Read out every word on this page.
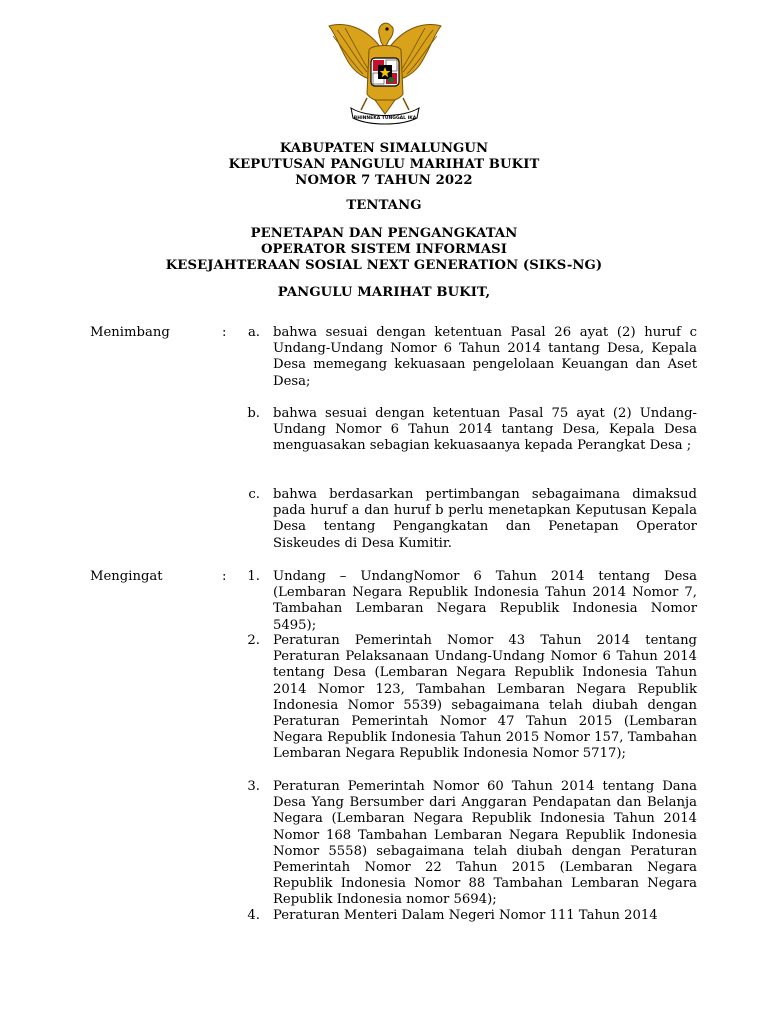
BHINNEKA TUNGGAL IKA
KABUPATEN SIMALUNGUN
KEPUTUSAN PANGULU MARIHAT BUKIT
NOMOR 7 TAHUN 2022
TENTANG
PENETAPAN DAN PENGANGKATAN
OPERATOR SISTEM INFORMASI
KESEJAHTERAAN SOSIAL NEXT GENERATION (SIKS-NG)
PANGULU MARIHAT BUKIT,
Menimbang	:	a. bahwa sesuai dengan ketentuan Pasal 26 ayat (2) huruf c Undang-Undang Nomor 6 Tahun 2014 tantang Desa, Kepala Desa memegang kekuasaan pengelolaan Keuangan dan Aset Desa;
b. bahwa sesuai dengan ketentuan Pasal 75 ayat (2) Undang-Undang Nomor 6 Tahun 2014 tantang Desa, Kepala Desa menguasakan sebagian kekuasaanya kepada Perangkat Desa ;
c. bahwa berdasarkan pertimbangan sebagaimana dimaksud pada huruf a dan huruf b perlu menetapkan Keputusan Kepala Desa tentang Pengangkatan dan Penetapan Operator Siskeudes di Desa Kumitir.
Mengingat	:	1. Undang – UndangNomor 6 Tahun 2014 tentang Desa (Lembaran Negara Republik Indonesia Tahun 2014 Nomor 7, Tambahan Lembaran Negara Republik Indonesia Nomor 5495);
2. Peraturan Pemerintah Nomor 43 Tahun 2014 tentang Peraturan Pelaksanaan Undang-Undang Nomor 6 Tahun 2014 tentang Desa (Lembaran Negara Republik Indonesia Tahun 2014 Nomor 123, Tambahan Lembaran Negara Republik Indonesia Nomor 5539) sebagaimana telah diubah dengan Peraturan Pemerintah Nomor 47 Tahun 2015 (Lembaran Negara Republik Indonesia Tahun 2015 Nomor 157, Tambahan Lembaran Negara Republik Indonesia Nomor 5717);
3. Peraturan Pemerintah Nomor 60 Tahun 2014 tentang Dana Desa Yang Bersumber dari Anggaran Pendapatan dan Belanja Negara (Lembaran Negara Republik Indonesia Tahun 2014 Nomor 168 Tambahan Lembaran Negara Republik Indonesia Nomor 5558) sebagaimana telah diubah dengan Peraturan Pemerintah Nomor 22 Tahun 2015 (Lembaran Negara Republik Indonesia Nomor 88 Tambahan Lembaran Negara Republik Indonesia nomor 5694);
4. Peraturan Menteri Dalam Negeri Nomor 111 Tahun 2014
